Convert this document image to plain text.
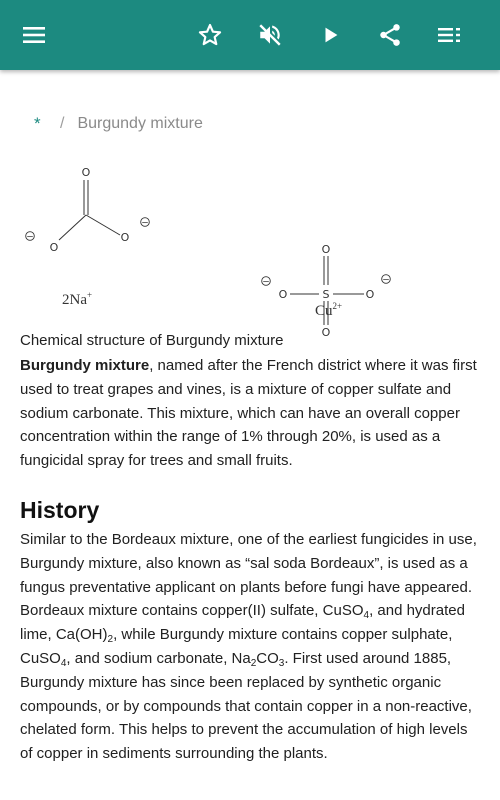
*	/ Burgundy mixture
O
O
O
−
−
2Na+
O
S
O
O	O
−	−
$Cu^{2+}$
Chemical structure of Burgundy mixture

Burgundy mixture, named after the French district where it was first used to treat grapes and vines, is a mixture of copper sulfate and sodium carbonate. This mixture, which can have an overall copper concentration within the range of 1% through 20%, is used as a fungicidal spray for trees and small fruits.

History

Similar to the Bordeaux mixture, one of the earliest fungicides in use, Burgundy mixture, also known as “sal soda Bordeaux”, is used as a fungus preventative applicant on plants before fungi have appeared. Bordeaux mixture contains copper(II) sulfate, CuSO$_4$, and hydrated lime, $Ca(OH)_2$, while Burgundy mixture contains copper sulphate, CuSO$_4$, and sodium carbonate, $Na_2CO_3$. First used around 1885, Burgundy mixture has since been replaced by synthetic organic compounds, or by compounds that contain copper in a non-reactive, chelated form. This helps to prevent the accumulation of high levels of copper in sediments surrounding the plants.
